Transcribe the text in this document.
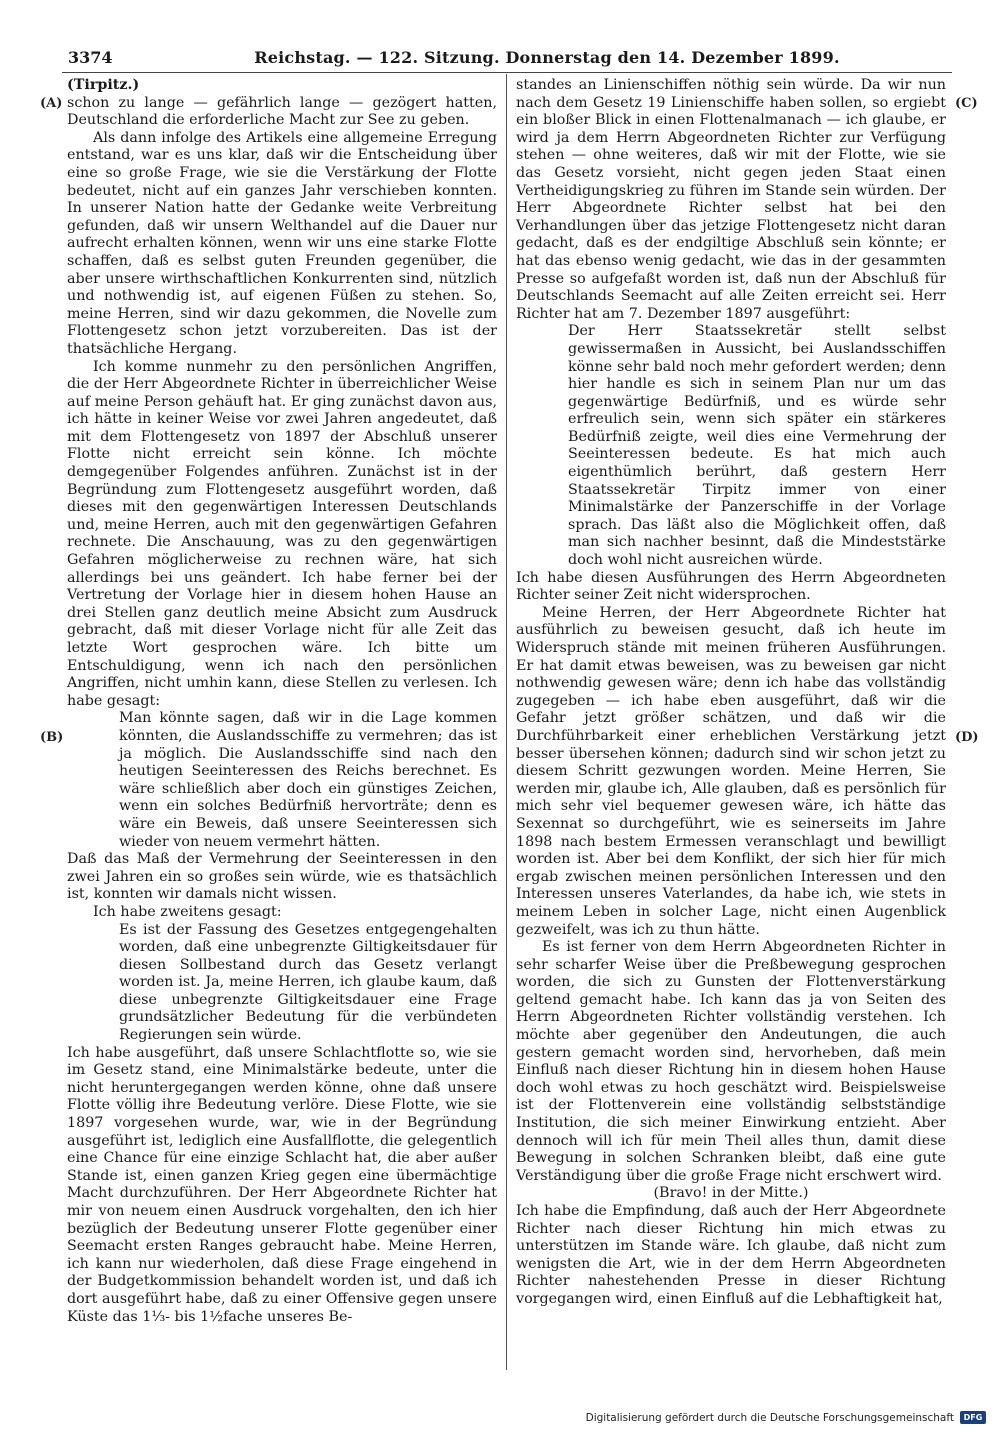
3374	Reichstag. — 122. Sitzung. Donnerstag den 14. Dezember 1899.
(A)
(B)
(C)
(D)

(Tirpitz.)

schon zu lange — gefährlich lange — gezögert hatten, Deutschland die erforderliche Macht zur See zu geben.

Als dann infolge des Artikels eine allgemeine Erregung entstand, war es uns klar, daß wir die Entscheidung über eine so große Frage, wie sie die Verstärkung der Flotte bedeutet, nicht auf ein ganzes Jahr verschieben konnten. In unserer Nation hatte der Gedanke weite Verbreitung gefunden, daß wir unsern Welthandel auf die Dauer nur aufrecht erhalten können, wenn wir uns eine starke Flotte schaffen, daß es selbst guten Freunden gegenüber, die aber unsere wirthschaftlichen Konkurrenten sind, nützlich und nothwendig ist, auf eigenen Füßen zu stehen. So, meine Herren, sind wir dazu gekommen, die Novelle zum Flottengesetz schon jetzt vorzubereiten. Das ist der thatsächliche Hergang.

Ich komme nunmehr zu den persönlichen Angriffen, die der Herr Abgeordnete Richter in überreichlicher Weise auf meine Person gehäuft hat. Er ging zunächst davon aus, ich hätte in keiner Weise vor zwei Jahren angedeutet, daß mit dem Flottengesetz von 1897 der Abschluß unserer Flotte nicht erreicht sein könne. Ich möchte demgegenüber Folgendes anführen. Zunächst ist in der Begründung zum Flottengesetz ausgeführt worden, daß dieses mit den gegenwärtigen Interessen Deutschlands und, meine Herren, auch mit den gegenwärtigen Gefahren rechnete. Die Anschauung, was zu den gegenwärtigen Gefahren möglicherweise zu rechnen wäre, hat sich allerdings bei uns geändert. Ich habe ferner bei der Vertretung der Vorlage hier in diesem hohen Hause an drei Stellen ganz deutlich meine Absicht zum Ausdruck gebracht, daß mit dieser Vorlage nicht für alle Zeit das letzte Wort gesprochen wäre. Ich bitte um Entschuldigung, wenn ich nach den persönlichen Angriffen, nicht umhin kann, diese Stellen zu verlesen. Ich habe gesagt:

Man könnte sagen, daß wir in die Lage kommen könnten, die Auslandsschiffe zu vermehren; das ist ja möglich. Die Auslandsschiffe sind nach den heutigen Seeinteressen des Reichs berechnet. Es wäre schließlich aber doch ein günstiges Zeichen, wenn ein solches Bedürfniß hervorträte; denn es wäre ein Beweis, daß unsere Seeinteressen sich wieder von neuem vermehrt hätten.

Daß das Maß der Vermehrung der Seeinteressen in den zwei Jahren ein so großes sein würde, wie es thatsächlich ist, konnten wir damals nicht wissen.

Ich habe zweitens gesagt:

Es ist der Fassung des Gesetzes entgegengehalten worden, daß eine unbegrenzte Giltigkeitsdauer für diesen Sollbestand durch das Gesetz verlangt worden ist. Ja, meine Herren, ich glaube kaum, daß diese unbegrenzte Giltigkeitsdauer eine Frage grundsätzlicher Bedeutung für die verbündeten Regierungen sein würde.

Ich habe ausgeführt, daß unsere Schlachtflotte so, wie sie im Gesetz stand, eine Minimalstärke bedeute, unter die nicht heruntergegangen werden könne, ohne daß unsere Flotte völlig ihre Bedeutung verlöre. Diese Flotte, wie sie 1897 vorgesehen wurde, war, wie in der Begründung ausgeführt ist, lediglich eine Ausfallflotte, die gelegentlich eine Chance für eine einzige Schlacht hat, die aber außer Stande ist, einen ganzen Krieg gegen eine übermächtige Macht durchzuführen. Der Herr Abgeordnete Richter hat mir von neuem einen Ausdruck vorgehalten, den ich hier bezüglich der Bedeutung unserer Flotte gegenüber einer Seemacht ersten Ranges gebraucht habe. Meine Herren, ich kann nur wiederholen, daß diese Frage eingehend in der Budgetkommission behandelt worden ist, und daß ich dort ausgeführt habe, daß zu einer Offensive gegen unsere Küste das 1⅓- bis 1½fache unseres Be-

standes an Linienschiffen nöthig sein würde. Da wir nun nach dem Gesetz 19 Linienschiffe haben sollen, so ergiebt ein bloßer Blick in einen Flottenalmanach — ich glaube, er wird ja dem Herrn Abgeordneten Richter zur Verfügung stehen — ohne weiteres, daß wir mit der Flotte, wie sie das Gesetz vorsieht, nicht gegen jeden Staat einen Vertheidigungskrieg zu führen im Stande sein würden. Der Herr Abgeordnete Richter selbst hat bei den Verhandlungen über das jetzige Flottengesetz nicht daran gedacht, daß es der endgiltige Abschluß sein könnte; er hat das ebenso wenig gedacht, wie das in der gesammten Presse so aufgefaßt worden ist, daß nun der Abschluß für Deutschlands Seemacht auf alle Zeiten erreicht sei. Herr Richter hat am 7. Dezember 1897 ausgeführt:

Der Herr Staatssekretär stellt selbst gewissermaßen in Aussicht, bei Auslandsschiffen könne sehr bald noch mehr gefordert werden; denn hier handle es sich in seinem Plan nur um das gegenwärtige Bedürfniß, und es würde sehr erfreulich sein, wenn sich später ein stärkeres Bedürfniß zeigte, weil dies eine Vermehrung der Seeinteressen bedeute. Es hat mich auch eigenthümlich berührt, daß gestern Herr Staatssekretär Tirpitz immer von einer Minimalstärke der Panzerschiffe in der Vorlage sprach. Das läßt also die Möglichkeit offen, daß man sich nachher besinnt, daß die Mindeststärke doch wohl nicht ausreichen würde.

Ich habe diesen Ausführungen des Herrn Abgeordneten Richter seiner Zeit nicht widersprochen.

Meine Herren, der Herr Abgeordnete Richter hat ausführlich zu beweisen gesucht, daß ich heute im Widerspruch stände mit meinen früheren Ausführungen. Er hat damit etwas beweisen, was zu beweisen gar nicht nothwendig gewesen wäre; denn ich habe das vollständig zugegeben — ich habe eben ausgeführt, daß wir die Gefahr jetzt größer schätzen, und daß wir die Durchführbarkeit einer erheblichen Verstärkung jetzt besser übersehen können; dadurch sind wir schon jetzt zu diesem Schritt gezwungen worden. Meine Herren, Sie werden mir, glaube ich, Alle glauben, daß es persönlich für mich sehr viel bequemer gewesen wäre, ich hätte das Sexennat so durchgeführt, wie es seinerseits im Jahre 1898 nach bestem Ermessen veranschlagt und bewilligt worden ist. Aber bei dem Konflikt, der sich hier für mich ergab zwischen meinen persönlichen Interessen und den Interessen unseres Vaterlandes, da habe ich, wie stets in meinem Leben in solcher Lage, nicht einen Augenblick gezweifelt, was ich zu thun hätte.

Es ist ferner von dem Herrn Abgeordneten Richter in sehr scharfer Weise über die Preßbewegung gesprochen worden, die sich zu Gunsten der Flottenverstärkung geltend gemacht habe. Ich kann das ja von Seiten des Herrn Abgeordneten Richter vollständig verstehen. Ich möchte aber gegenüber den Andeutungen, die auch gestern gemacht worden sind, hervorheben, daß mein Einfluß nach dieser Richtung hin in diesem hohen Hause doch wohl etwas zu hoch geschätzt wird. Beispielsweise ist der Flottenverein eine vollständig selbstständige Institution, die sich meiner Einwirkung entzieht. Aber dennoch will ich für mein Theil alles thun, damit diese Bewegung in solchen Schranken bleibt, daß eine gute Verständigung über die große Frage nicht erschwert wird.

(Bravo! in der Mitte.)

Ich habe die Empfindung, daß auch der Herr Abgeordnete Richter nach dieser Richtung hin mich etwas zu unterstützen im Stande wäre. Ich glaube, daß nicht zum wenigsten die Art, wie in der dem Herrn Abgeordneten Richter nahestehenden Presse in dieser Richtung vorgegangen wird, einen Einfluß auf die Lebhaftigkeit hat,

Digitalisierung gefördert durch die Deutsche Forschungsgemeinschaft	DFG
